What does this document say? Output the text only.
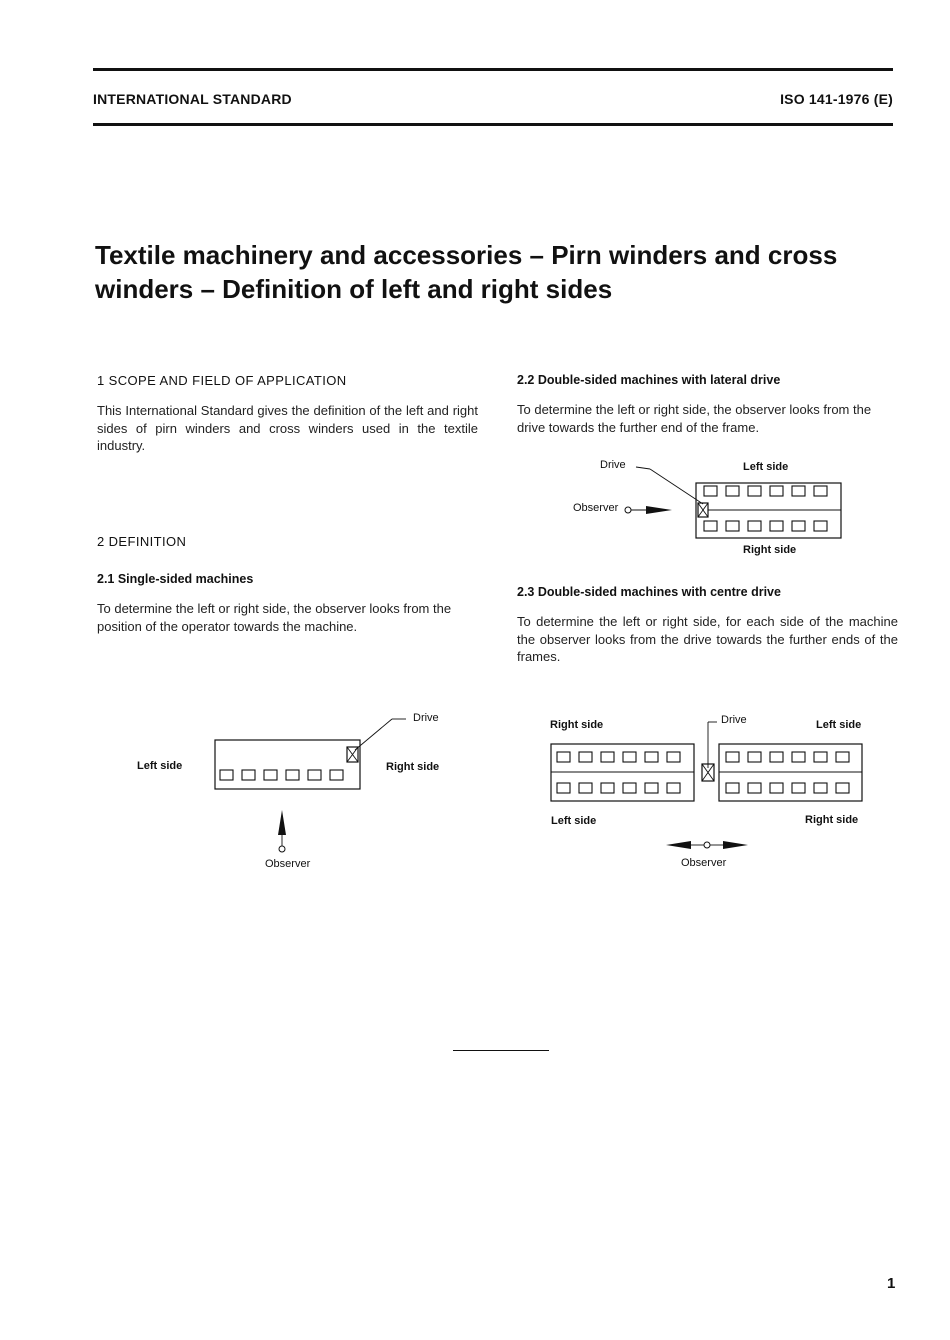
INTERNATIONAL STANDARD	ISO 141-1976 (E)
Textile machinery and accessories – Pirn winders and cross
winders – Definition of left and right sides
1 SCOPE AND FIELD OF APPLICATION
This International Standard gives the definition of the left and right sides of pirn winders and cross winders used in the textile industry.
2 DEFINITION
2.1 Single-sided machines
To determine the left or right side, the observer looks from the position of the operator towards the machine.
2.2 Double-sided machines with lateral drive
To determine the left or right side, the observer looks from the drive towards the further end of the frame.
2.3 Double-sided machines with centre drive
To determine the left or right side, for each side of the machine the observer looks from the drive towards the further ends of the frames.
Drive	Left side
Observer
Right side
Drive
Left side	Right side
Observer
Drive
Right side	Left side
Left side	Right side
Observer
1
